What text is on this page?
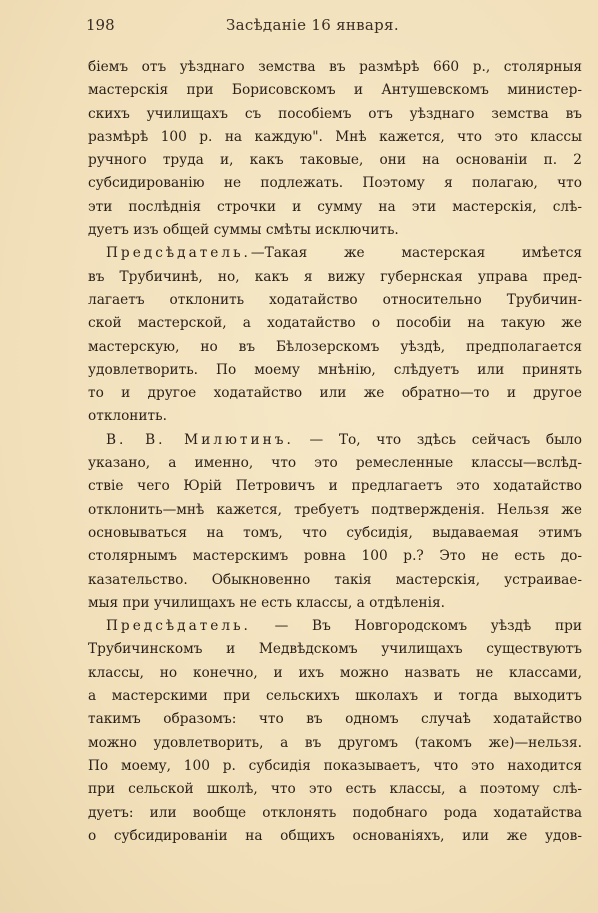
198	Засѣданіе 16 января.
біемъ отъ уѣзднаго земства въ размѣрѣ 660 р., столярныя
мастерскія при Борисовскомъ и Антушевскомъ министер-
скихъ училищахъ съ пособіемъ отъ уѣзднаго земства въ
размѣрѣ 100 р. на каждую". Мнѣ кажется, что это классы
ручного труда и, какъ таковые, они на основаніи п. 2
субсидированію не подлежать. Поэтому я полагаю, что
эти послѣднія строчки и сумму на эти мастерскія, слѣ-
дуетъ изъ общей суммы смѣты исключить.
Предсѣдатель.—Такая же мастерская имѣется
въ Трубичинѣ, но, какъ я вижу губернская управа пред-
лагаетъ отклонить ходатайство относительно Трубичин-
ской мастерской, а ходатайство о пособіи на такую же
мастерскую, но въ Бѣлозерскомъ уѣздѣ, предполагается
удовлетворить. По моему мнѣнію, слѣдуетъ или принять
то и другое ходатайство или же обратно—то и другое
отклонить.
В. В. Милютинъ. — То, что здѣсь сейчасъ было
указано, а именно, что это ремесленные классы—вслѣд-
ствіе чего Юрій Петровичъ и предлагаетъ это ходатайство
отклонить—мнѣ кажется, требуетъ подтвержденія. Нельзя же
основываться на томъ, что субсидія, выдаваемая этимъ
столярнымъ мастерскимъ ровна 100 р.? Это не есть до-
казательство. Обыкновенно такія мастерскія, устраивае-
мыя при училищахъ не есть классы, а отдѣленія.
Предсѣдатель. — Въ Новгородскомъ уѣздѣ при
Трубичинскомъ и Медвѣдскомъ училищахъ существуютъ
классы, но конечно, и ихъ можно назвать не классами,
а мастерскими при сельскихъ школахъ и тогда выходитъ
такимъ образомъ: что въ одномъ случаѣ ходатайство
можно удовлетворить, а въ другомъ (такомъ же)—нельзя.
По моему, 100 р. субсидія показываетъ, что это находится
при сельской школѣ, что это есть классы, а поэтому слѣ-
дуетъ: или вообще отклонять подобнаго рода ходатайства
о субсидированіи на общихъ основаніяхъ, или же удов-
